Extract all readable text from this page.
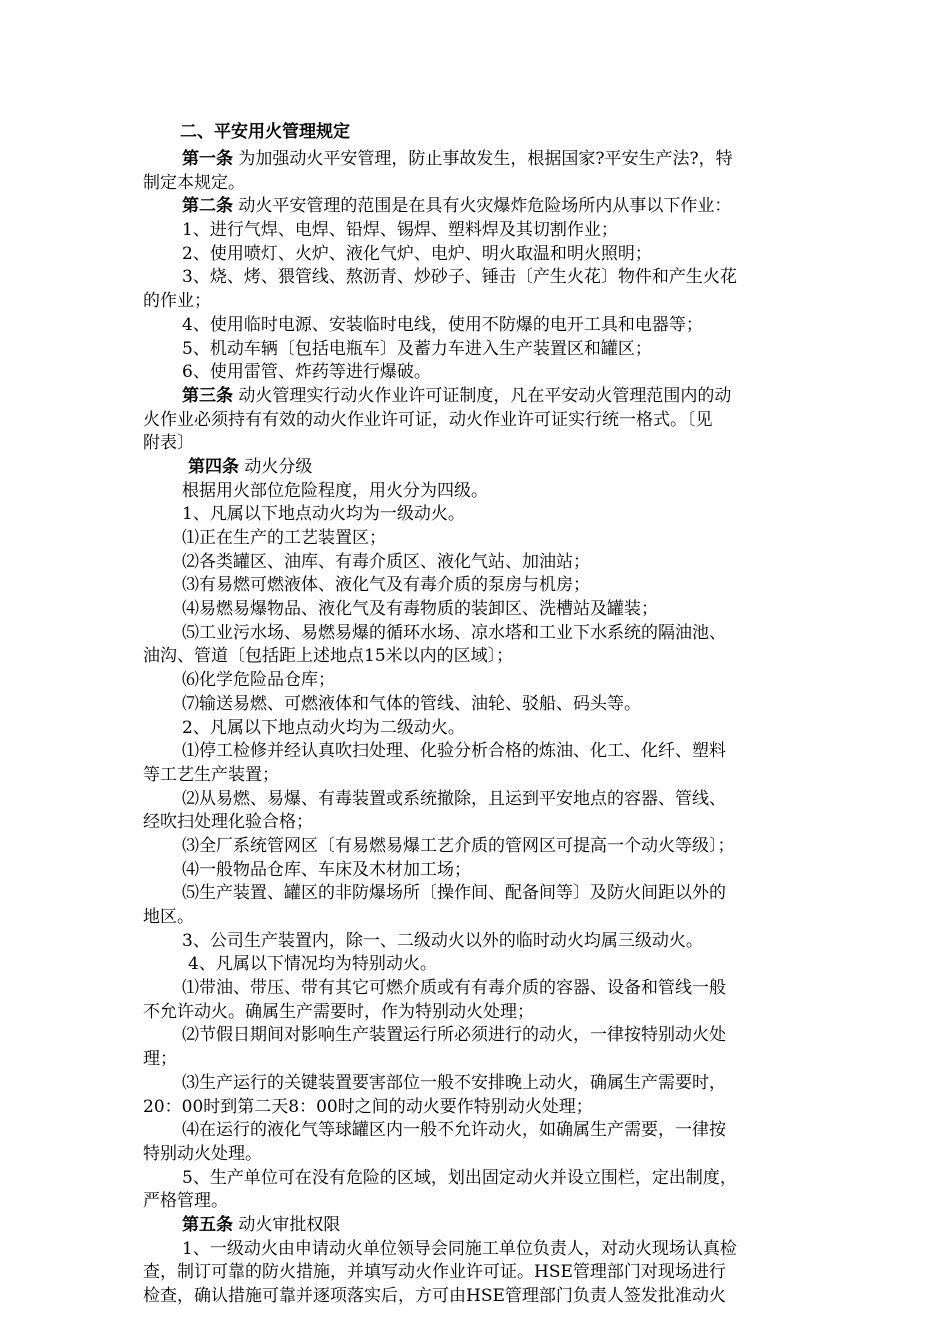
二、平安用火管理规定

第一条 为加强动火平安管理，防止事故发生，根据国家?平安生产法?，特

制定本规定。

第二条 动火平安管理的范围是在具有火灾爆炸危险场所内从事以下作业：

1、进行气焊、电焊、铅焊、锡焊、塑料焊及其切割作业；

2、使用喷灯、火炉、液化气炉、电炉、明火取温和明火照明；

3、烧、烤、猥管线、熬沥青、炒砂子、锤击〔产生火花〕物件和产生火花

的作业；

4、使用临时电源、安装临时电线，使用不防爆的电开工具和电器等；

5、机动车辆〔包括电瓶车〕及蓄力车进入生产装置区和罐区；

6、使用雷管、炸药等进行爆破。

第三条 动火管理实行动火作业许可证制度，凡在平安动火管理范围内的动

火作业必须持有有效的动火作业许可证，动火作业许可证实行统一格式。〔见

附表〕

第四条 动火分级

根据用火部位危险程度，用火分为四级。

1、凡属以下地点动火均为一级动火。

⑴正在生产的工艺装置区；

⑵各类罐区、油库、有毒介质区、液化气站、加油站；

⑶有易燃可燃液体、液化气及有毒介质的泵房与机房；

⑷易燃易爆物品、液化气及有毒物质的装卸区、洗槽站及罐装；

⑸工业污水场、易燃易爆的循环水场、凉水塔和工业下水系统的隔油池、

油沟、管道〔包括距上述地点15米以内的区域〕；

⑹化学危险品仓库；

⑺输送易燃、可燃液体和气体的管线、油轮、驳船、码头等。

2、凡属以下地点动火均为二级动火。

⑴停工检修并经认真吹扫处理、化验分析合格的炼油、化工、化纤、塑料

等工艺生产装置；

⑵从易燃、易爆、有毒装置或系统撤除，且运到平安地点的容器、管线、

经吹扫处理化验合格；

⑶全厂系统管网区〔有易燃易爆工艺介质的管网区可提高一个动火等级〕；

⑷一般物品仓库、车床及木材加工场；

⑸生产装置、罐区的非防爆场所〔操作间、配备间等〕及防火间距以外的

地区。

3、公司生产装置内，除一、二级动火以外的临时动火均属三级动火。

4、凡属以下情况均为特别动火。

⑴带油、带压、带有其它可燃介质或有有毒介质的容器、设备和管线一般

不允许动火。确属生产需要时，作为特别动火处理；

⑵节假日期间对影响生产装置运行所必须进行的动火，一律按特别动火处

理；

⑶生产运行的关键装置要害部位一般不安排晚上动火，确属生产需要时，

20：00时到第二天8：00时之间的动火要作特别动火处理；

⑷在运行的液化气等球罐区内一般不允许动火，如确属生产需要，一律按

特别动火处理。

5、生产单位可在没有危险的区域，划出固定动火并设立围栏，定出制度，

严格管理。

第五条 动火审批权限

1、一级动火由申请动火单位领导会同施工单位负责人，对动火现场认真检

查，制订可靠的防火措施，并填写动火作业许可证。HSE管理部门对现场进行

检查，确认措施可靠并逐项落实后，方可由HSE管理部门负责人签发批准动火
